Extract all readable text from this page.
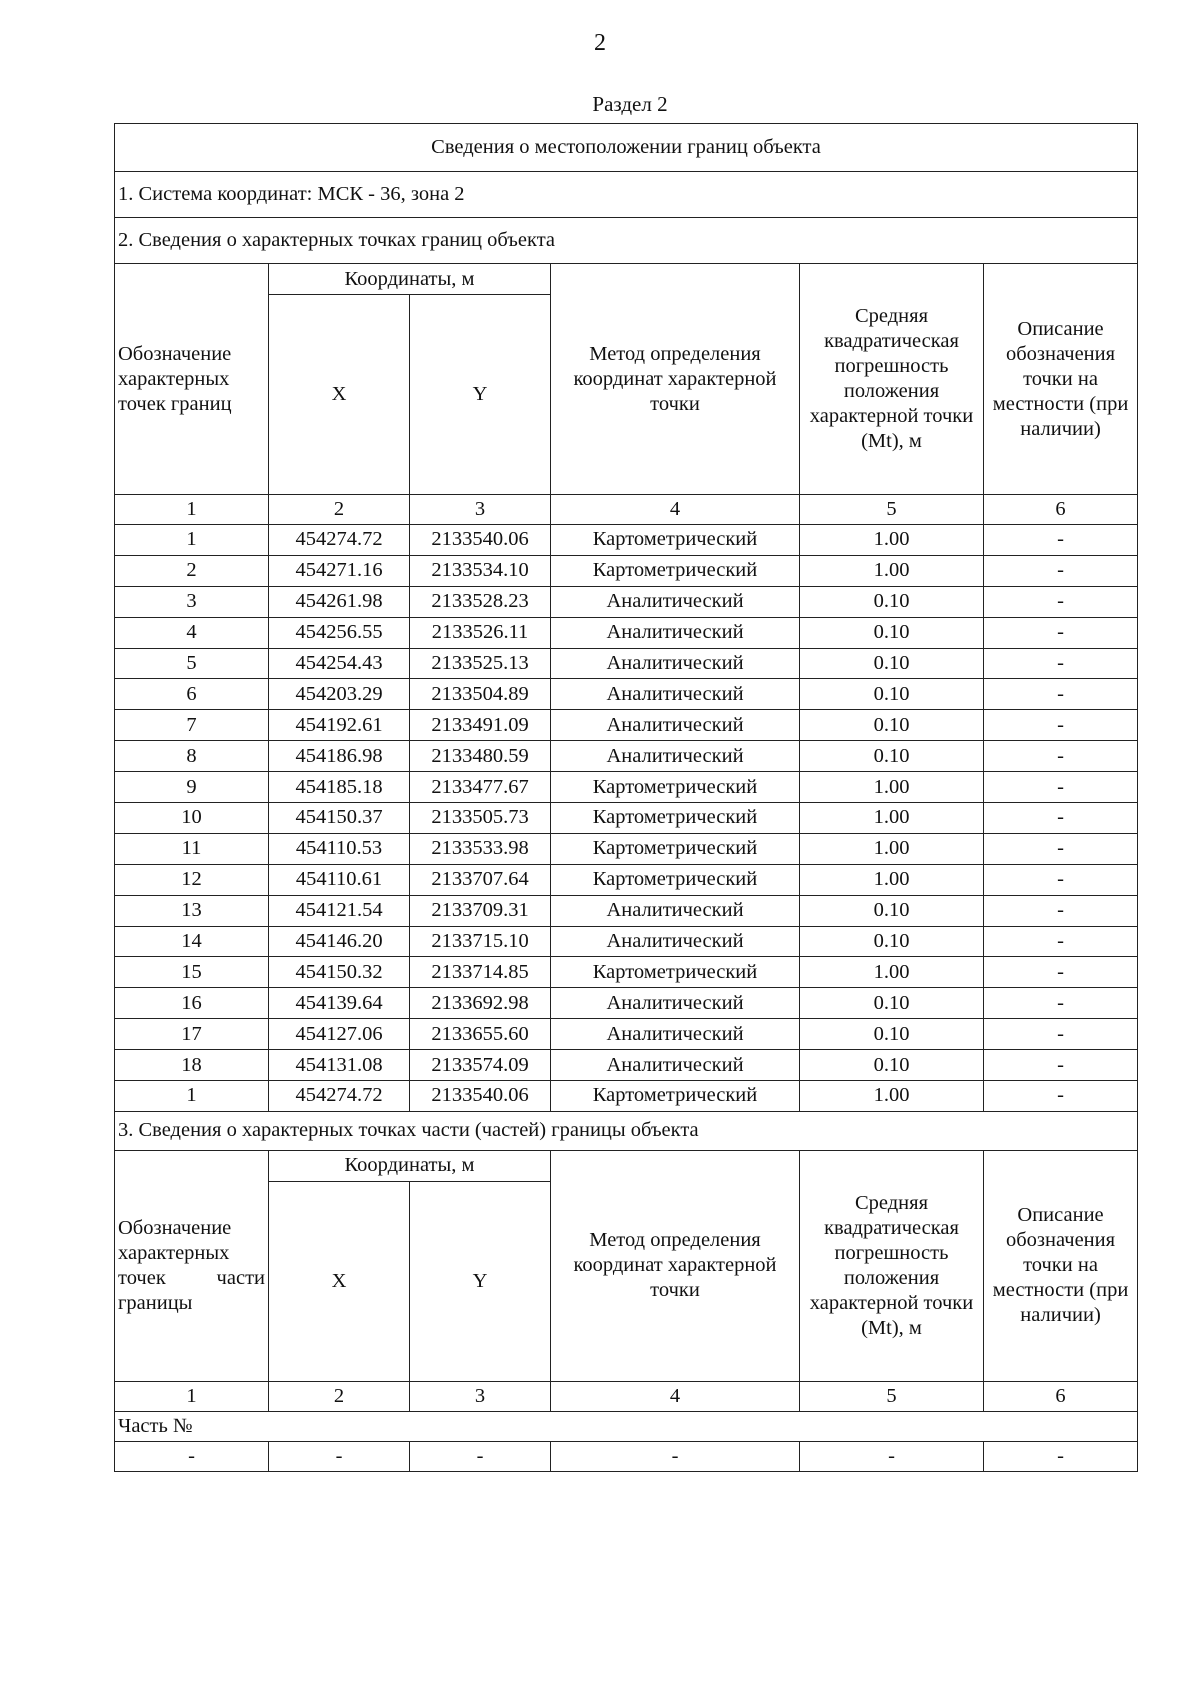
2
Раздел 2
Сведения о местоположении границ объекта					
1. Система координат: МСК - 36, зона 2					
2. Сведения о характерных точках границ объекта					
Обозначение характерных точек границ	Координаты, м		Метод определения координат характерной точки	Средняя квадратическая погрешность положения характерной точки (Mt), м	Описание обозначения точки на местности (при наличии)
	X	Y			
1	2	3	4	5	6
1	454274.72	2133540.06	Картометрический	1.00	-
2	454271.16	2133534.10	Картометрический	1.00	-
3	454261.98	2133528.23	Аналитический	0.10	-
4	454256.55	2133526.11	Аналитический	0.10	-
5	454254.43	2133525.13	Аналитический	0.10	-
6	454203.29	2133504.89	Аналитический	0.10	-
7	454192.61	2133491.09	Аналитический	0.10	-
8	454186.98	2133480.59	Аналитический	0.10	-
9	454185.18	2133477.67	Картометрический	1.00	-
10	454150.37	2133505.73	Картометрический	1.00	-
11	454110.53	2133533.98	Картометрический	1.00	-
12	454110.61	2133707.64	Картометрический	1.00	-
13	454121.54	2133709.31	Аналитический	0.10	-
14	454146.20	2133715.10	Аналитический	0.10	-
15	454150.32	2133714.85	Картометрический	1.00	-
16	454139.64	2133692.98	Аналитический	0.10	-
17	454127.06	2133655.60	Аналитический	0.10	-
18	454131.08	2133574.09	Аналитический	0.10	-
1	454274.72	2133540.06	Картометрический	1.00	-
3. Сведения о характерных точках части (частей) границы объекта					

Обозначение
характерных
точек части
границы	Координаты, м		Метод определения координат характерной точки	Средняя квадратическая погрешность положения характерной точки (Mt), м	Описание обозначения точки на местности (при наличии)
	X	Y			
1	2	3	4	5	6
Часть №					
-	-	-	-	-	-
